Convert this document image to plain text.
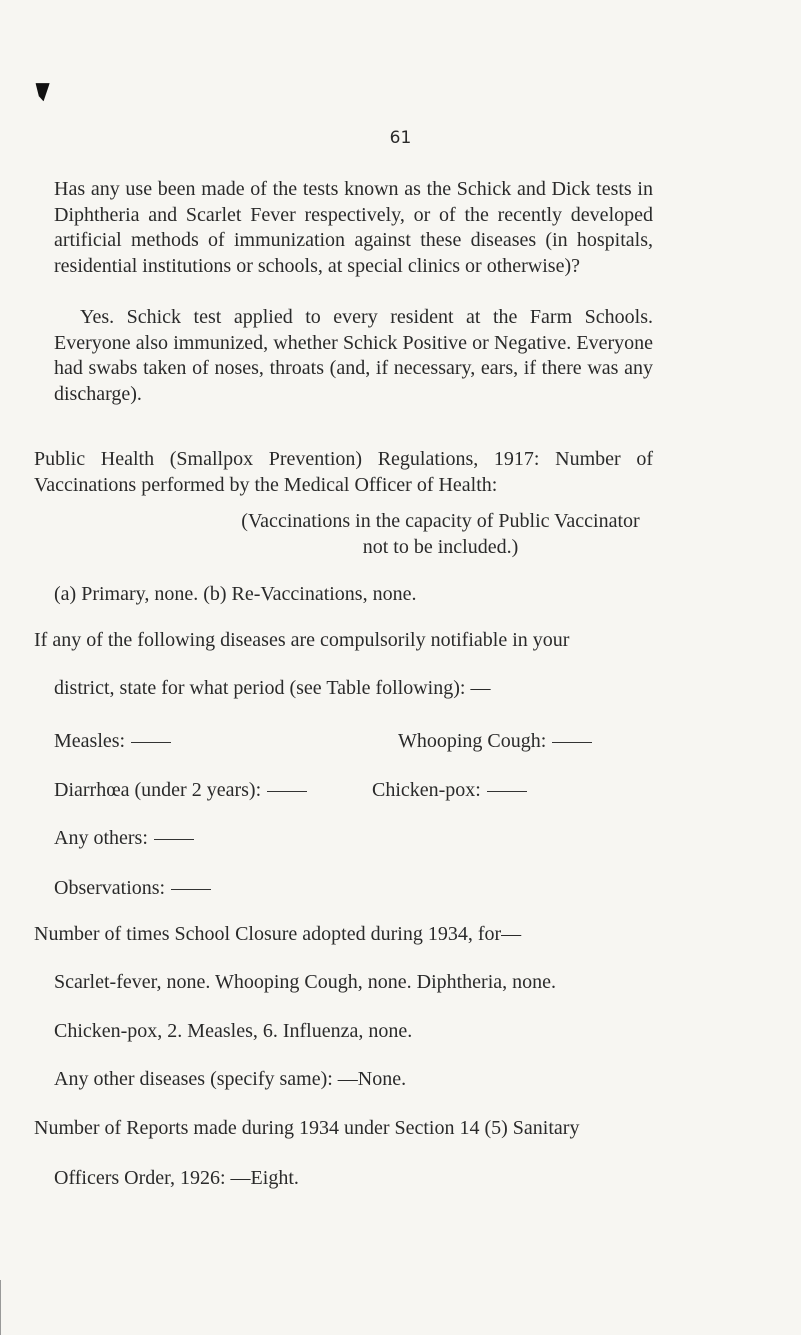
61

Has any use been made of the tests known as the Schick and Dick tests in Diphtheria and Scarlet Fever respectively, or of the recently developed artificial methods of immunization against these diseases (in hospitals, residential institutions or schools, at special clinics or otherwise)?

Yes. Schick test applied to every resident at the Farm Schools. Everyone also immunized, whether Schick Positive or Negative. Everyone had swabs taken of noses, throats (and, if necessary, ears, if there was any discharge).

Public Health (Smallpox Prevention) Regulations, 1917: Number of Vaccinations performed by the Medical Officer of Health:

(Vaccinations in the capacity of Public Vaccinator

not to be included.)

(a) Primary, none. (b) Re-Vaccinations, none.

If any of the following diseases are compulsorily notifiable in your

district, state for what period (see Table following): —

Measles:	Whooping Cough:
Diarrhœa (under 2 years):	Chicken-pox:
Any others:
Observations:

Number of times School Closure adopted during 1934, for—

Scarlet-fever, none. Whooping Cough, none. Diphtheria, none.

Chicken-pox, 2. Measles, 6. Influenza, none.

Any other diseases (specify same): —None.

Number of Reports made during 1934 under Section 14 (5) Sanitary

Officers Order, 1926: —Eight.
